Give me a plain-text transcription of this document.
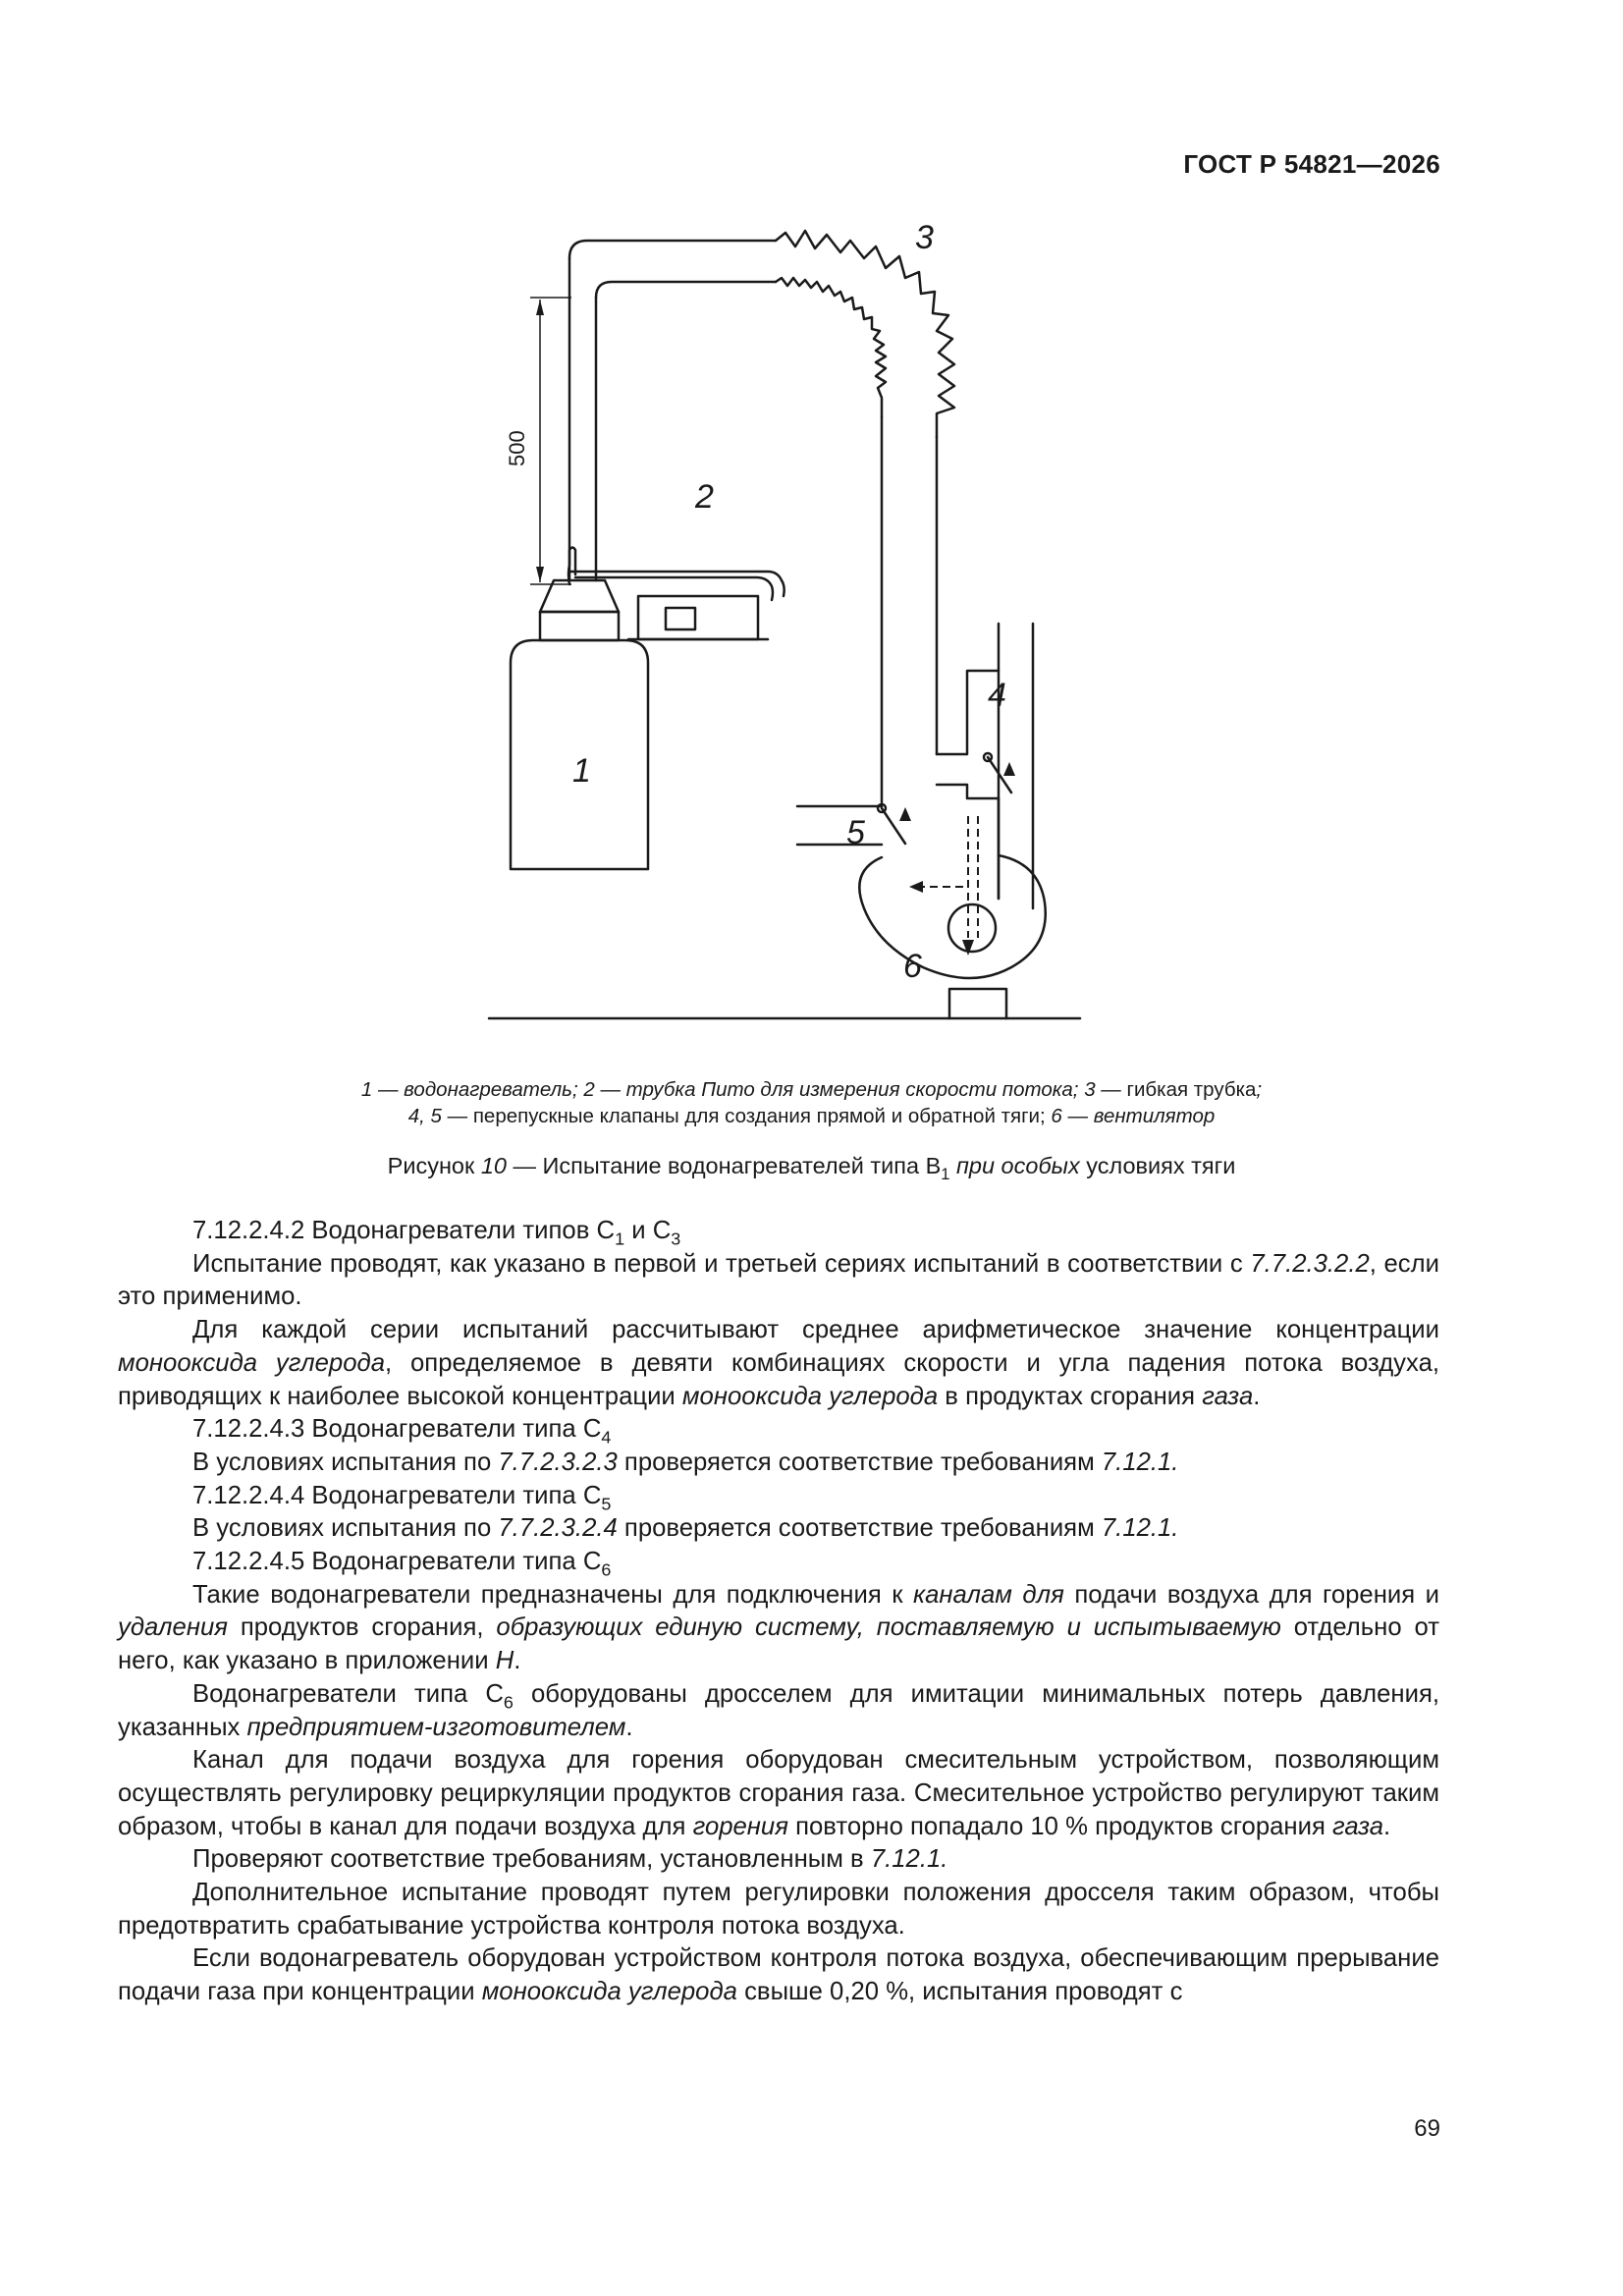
ГОСТ Р 54821—2026
500
1
2
3
4
5
6
1 — водонагреватель; 2 — трубка Пито для измерения скорости потока; 3 — гибкая трубка;
4, 5 — перепускные клапаны для создания прямой и обратной тяги; 6 — вентилятор
Рисунок 10 — Испытание водонагревателей типа $В_1$ при особых условиях тяги

7.12.2.4.2 Водонагреватели типов $С_1$ и $С_3$

Испытание проводят, как указано в первой и третьей сериях испытаний в соответствии с 7.7.2.3.2.2, если это применимо.

Для каждой серии испытаний рассчитывают среднее арифметическое значение концентрации монооксида углерода, определяемое в девяти комбинациях скорости и угла падения потока воздуха, приводящих к наиболее высокой концентрации монооксида углерода в продуктах сгорания газа.

7.12.2.4.3 Водонагреватели типа $С_4$

В условиях испытания по 7.7.2.3.2.3 проверяется соответствие требованиям 7.12.1.

7.12.2.4.4 Водонагреватели типа $С_5$

В условиях испытания по 7.7.2.3.2.4 проверяется соответствие требованиям 7.12.1.

7.12.2.4.5 Водонагреватели типа $С_6$

Такие водонагреватели предназначены для подключения к каналам для подачи воздуха для горения и удаления продуктов сгорания, образующих единую систему, поставляемую и испытываемую отдельно от него, как указано в приложении Н.

Водонагреватели типа $С_6$ оборудованы дросселем для имитации минимальных потерь давления, указанных предприятием-изготовителем.

Канал для подачи воздуха для горения оборудован смесительным устройством, позволяющим осуществлять регулировку рециркуляции продуктов сгорания газа. Смесительное устройство регулируют таким образом, чтобы в канал для подачи воздуха для горения повторно попадало 10 % продуктов сгорания газа.

Проверяют соответствие требованиям, установленным в 7.12.1.

Дополнительное испытание проводят путем регулировки положения дросселя таким образом, чтобы предотвратить срабатывание устройства контроля потока воздуха.

Если водонагреватель оборудован устройством контроля потока воздуха, обеспечивающим прерывание подачи газа при концентрации монооксида углерода свыше 0,20 %, испытания проводят с

69
